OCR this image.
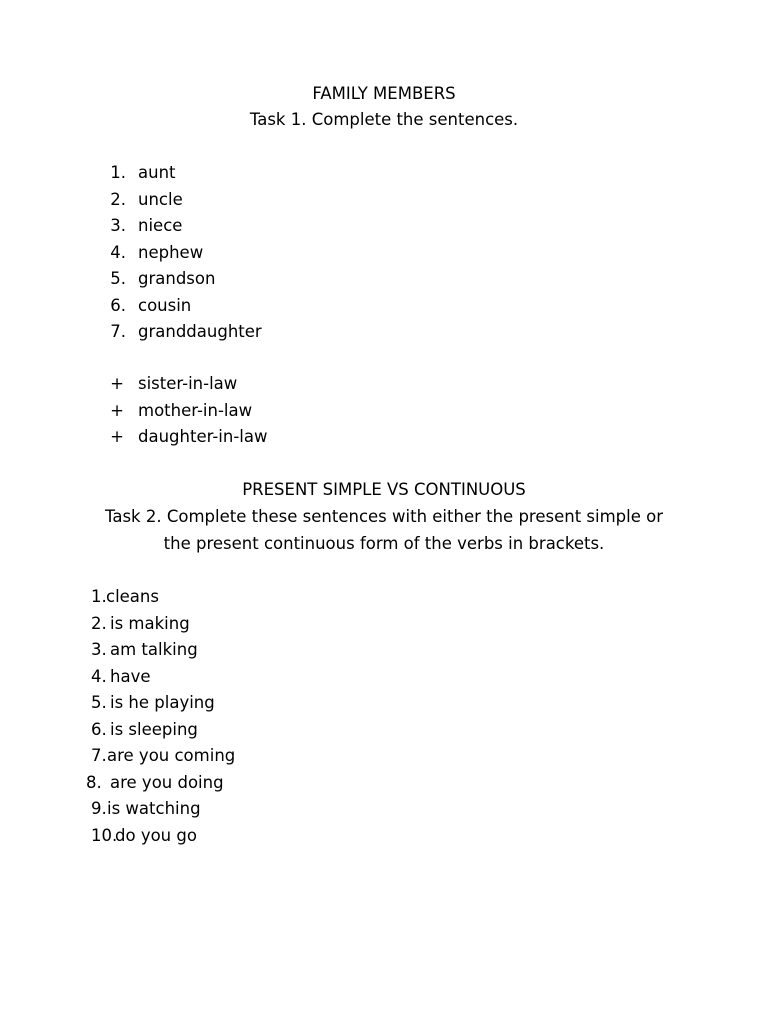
FAMILY MEMBERS
Task 1. Complete the sentences.
1. aunt
2. uncle
3. niece
4. nephew
5. grandson
6. cousin
7. granddaughter
+ sister-in-law
+ mother-in-law
+ daughter-in-law
PRESENT SIMPLE VS CONTINUOUS
Task 2. Complete these sentences with either the present simple or
the present continuous form of the verbs in brackets.
1. cleans
2. is making
3. am talking
4. have
5. is he playing
6. is sleeping
7. are you coming
8. are you doing
9. is watching
10.
do you go
